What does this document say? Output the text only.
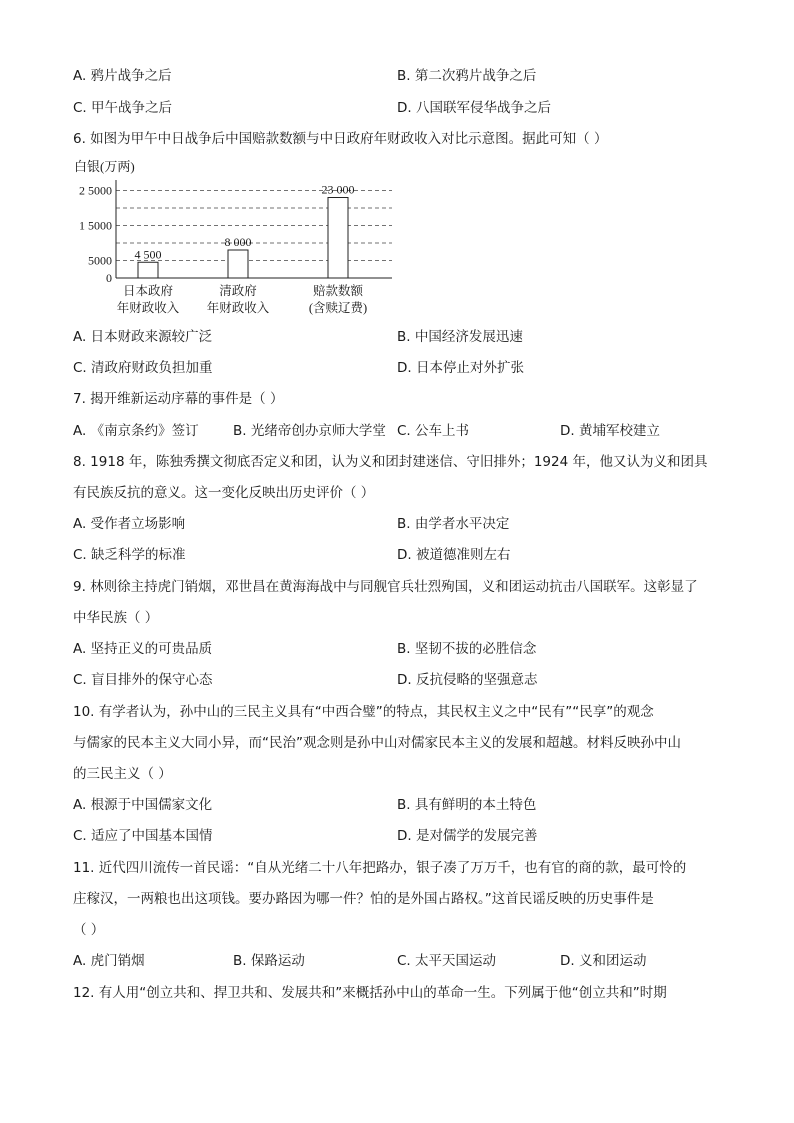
A. 鸦片战争之后	B. 第二次鸦片战争之后
C. 甲午战争之后	D. 八国联军侵华战争之后
6. 如图为甲午中日战争后中国赔款数额与中日政府年财政收入对比示意图。据此可知（ ）
白银(万两)
2 5000
1 5000
5000
0
4 500
8 000
23 000
日本政府
年财政收入
清政府
年财政收入
赔款数额
(含赎辽费)
A. 日本财政来源较广泛	B. 中国经济发展迅速
C. 清政府财政负担加重	D. 日本停止对外扩张
7. 揭开维新运动序幕的事件是（ ）
A. 《南京条约》签订	B. 光绪帝创办京师大学堂 C. 公车上书	D. 黄埔军校建立
8. 1918 年，陈独秀撰文彻底否定义和团，认为义和团封建迷信、守旧排外；1924 年，他又认为义和团具
有民族反抗的意义。这一变化反映出历史评价（ ）
A. 受作者立场影响	B. 由学者水平决定
C. 缺乏科学的标准	D. 被道德准则左右
9. 林则徐主持虎门销烟，邓世昌在黄海海战中与同舰官兵壮烈殉国，义和团运动抗击八国联军。这彰显了
中华民族（ ）
A. 坚持正义的可贵品质	B. 坚韧不拔的必胜信念
C. 盲目排外的保守心态	D. 反抗侵略的坚强意志
10. 有学者认为，孙中山的三民主义具有“中西合璧”的特点，其民权主义之中“民有”“民享”的观念
与儒家的民本主义大同小异，而“民治”观念则是孙中山对儒家民本主义的发展和超越。材料反映孙中山
的三民主义（ ）
A. 根源于中国儒家文化	B. 具有鲜明的本土特色
C. 适应了中国基本国情	D. 是对儒学的发展完善
11. 近代四川流传一首民谣：“自从光绪二十八年把路办，银子凑了万万千，也有官的商的款，最可怜的
庄稼汉，一两粮也出这项钱。要办路因为哪一件？怕的是外国占路权。”这首民谣反映的历史事件是
（ ）
A. 虎门销烟	B. 保路运动	C. 太平天国运动	D. 义和团运动
12. 有人用“创立共和、捍卫共和、发展共和”来概括孙中山的革命一生。下列属于他“创立共和”时期
